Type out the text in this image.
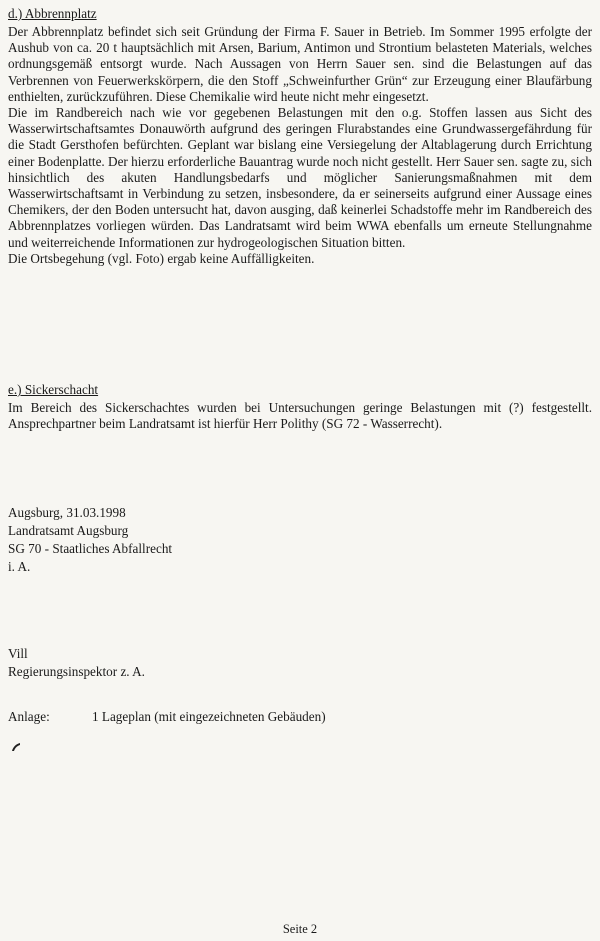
d.) Abbrennplatz

Der Abbrennplatz befindet sich seit Gründung der Firma F. Sauer in Betrieb. Im Sommer 1995 erfolgte der Aushub von ca. 20 t hauptsächlich mit Arsen, Barium, Antimon und Strontium belasteten Materials, welches ordnungsgemäß entsorgt wurde. Nach Aussagen von Herrn Sauer sen. sind die Belastungen auf das Verbrennen von Feuerwerkskörpern, die den Stoff „Schweinfurther Grün“ zur Erzeugung einer Blaufärbung enthielten, zurückzuführen. Diese Chemikalie wird heute nicht mehr eingesetzt.

Die im Randbereich nach wie vor gegebenen Belastungen mit den o.g. Stoffen lassen aus Sicht des Wasserwirtschaftsamtes Donauwörth aufgrund des geringen Flurabstandes eine Grundwassergefährdung für die Stadt Gersthofen befürchten. Geplant war bislang eine Versiegelung der Altablagerung durch Errichtung einer Bodenplatte. Der hierzu erforderliche Bauantrag wurde noch nicht gestellt. Herr Sauer sen. sagte zu, sich hinsichtlich des akuten Handlungsbedarfs und möglicher Sanierungsmaßnahmen mit dem Wasserwirtschaftsamt in Verbindung zu setzen, insbesondere, da er seinerseits aufgrund einer Aussage eines Chemikers, der den Boden untersucht hat, davon ausging, daß keinerlei Schadstoffe mehr im Randbereich des Abbrennplatzes vorliegen würden. Das Landratsamt wird beim WWA ebenfalls um erneute Stellungnahme und weiterreichende Informationen zur hydrogeologischen Situation bitten.

Die Ortsbegehung (vgl. Foto) ergab keine Auffälligkeiten.

e.) Sickerschacht

Im Bereich des Sickerschachtes wurden bei Untersuchungen geringe Belastungen mit (?) festgestellt. Ansprechpartner beim Landratsamt ist hierfür Herr Polithy (SG 72 - Wasserrecht).

Augsburg, 31.03.1998
Landratsamt Augsburg
SG 70 - Staatliches Abfallrecht
i. A.
Vill
Regierungsinspektor z. A.
Anlage:	1 Lageplan (mit eingezeichneten Gebäuden)
Seite 2
